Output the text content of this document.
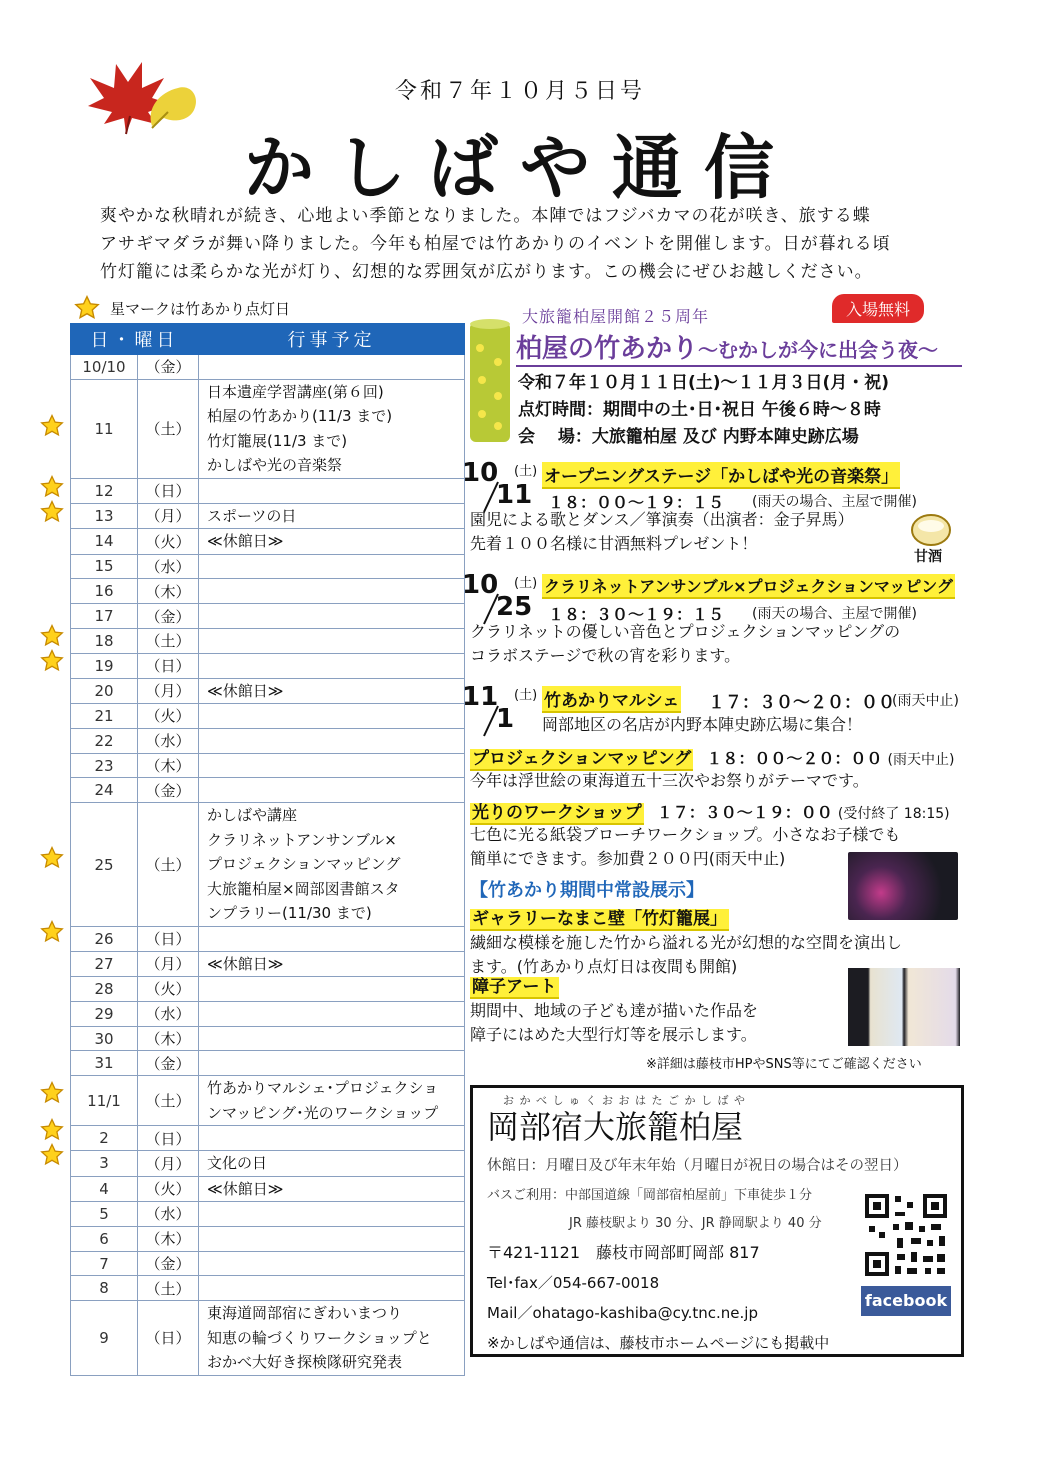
令和７年１０月５日号
かしばや通信

爽やかな秋晴れが続き、心地よい季節となりました。本陣ではフジバカマの花が咲き、旅する蝶

アサギマダラが舞い降りました。今年も柏屋では竹あかりのイベントを開催します。日が暮れる頃

竹灯籠には柔らかな光が灯り、幻想的な雰囲気が広がります。この機会にぜひお越しください。

星マークは竹あかり点灯日
日・曜日		行事予定
10/10	（金）	
11	（土）	日本遺産学習講座(第６回)
柏屋の竹あかり(11/3 まで)
竹灯籠展(11/3 まで)
かしばや光の音楽祭
12	（日）	
13	（月）	スポーツの日
14	（火）	≪休館日≫
15	（水）	
16	（木）	
17	（金）	
18	（土）	
19	（日）	
20	（月）	≪休館日≫
21	（火）	
22	（水）	
23	（木）	
24	（金）	
25	（土）	かしばや講座
クラリネットアンサンブル×
プロジェクションマッピング
大旅籠柏屋×岡部図書館スタ
ンプラリー(11/30 まで)
26	（日）	
27	（月）	≪休館日≫
28	（火）	
29	（水）	
30	（木）	
31	（金）	
11/1	（土）	竹あかりマルシェ･プロジェクショ
ンマッピング･光のワークショップ
2	（日）	
3	（月）	文化の日
4	（火）	≪休館日≫
5	（水）	
6	（木）	
7	（金）	
8	（土）	
9	（日）	東海道岡部宿にぎわいまつり
知恵の輪づくりワークショップと
おかべ大好き探検隊研究発表
大旅籠柏屋開館２５周年	入場無料
柏屋の竹あかり〜むかしが今に出会う夜〜
令和７年１０月１１日(土)～１１月３日(月・祝)
点灯時間：期間中の土･日･祝日 午後６時～８時
会　 場：大旅籠柏屋 及び 内野本陣史跡広場
10
11
(土) オープニングステージ「かしばや光の音楽祭」
１８：００〜１９：１５ (雨天の場合、主屋で開催)
園児による歌とダンス／箏演奏（出演者：金子昇馬）
先着１００名様に甘酒無料プレゼント！
甘酒
10
25
(土) クラリネットアンサンブル×プロジェクションマッピング
１８：３０〜１９：１５ (雨天の場合、主屋で開催)
クラリネットの優しい音色とプロジェクションマッピングの
コラボステージで秋の宵を彩ります。
11
1
(土) 竹あかりマルシェ １７：３０〜２０：００
(雨天中止)
岡部地区の名店が内野本陣史跡広場に集合！
プロジェクションマッピング １８：００〜２０：００ (雨天中止)
今年は浮世絵の東海道五十三次やお祭りがテーマです。
光りのワークショップ １７：３０〜１９：００ (受付終了 18:15)
七色に光る紙袋ブローチワークショップ。小さなお子様でも
簡単にできます。参加費２００円(雨天中止)
【竹あかり期間中常設展示】
ギャラリーなまこ壁「竹灯籠展」
繊細な模様を施した竹から溢れる光が幻想的な空間を演出し
ます。(竹あかり点灯日は夜間も開館)
障子アート
期間中、地域の子ども達が描いた作品を
障子にはめた大型行灯等を展示します。
※詳細は藤枝市HPやSNS等にてご確認ください
おかべしゅくおおはたごかしばや
岡部宿大旅籠柏屋
休館日：月曜日及び年末年始（月曜日が祝日の場合はその翌日）
バスご利用：中部国道線「岡部宿柏屋前」下車徒歩１分
JR 藤枝駅より 30 分、JR 静岡駅より 40 分
〒421-1121　藤枝市岡部町岡部 817
Tel･fax／054-667-0018
Mail／ohatago-kashiba@cy.tnc.ne.jp
※かしばや通信は、藤枝市ホームページにも掲載中
facebook
